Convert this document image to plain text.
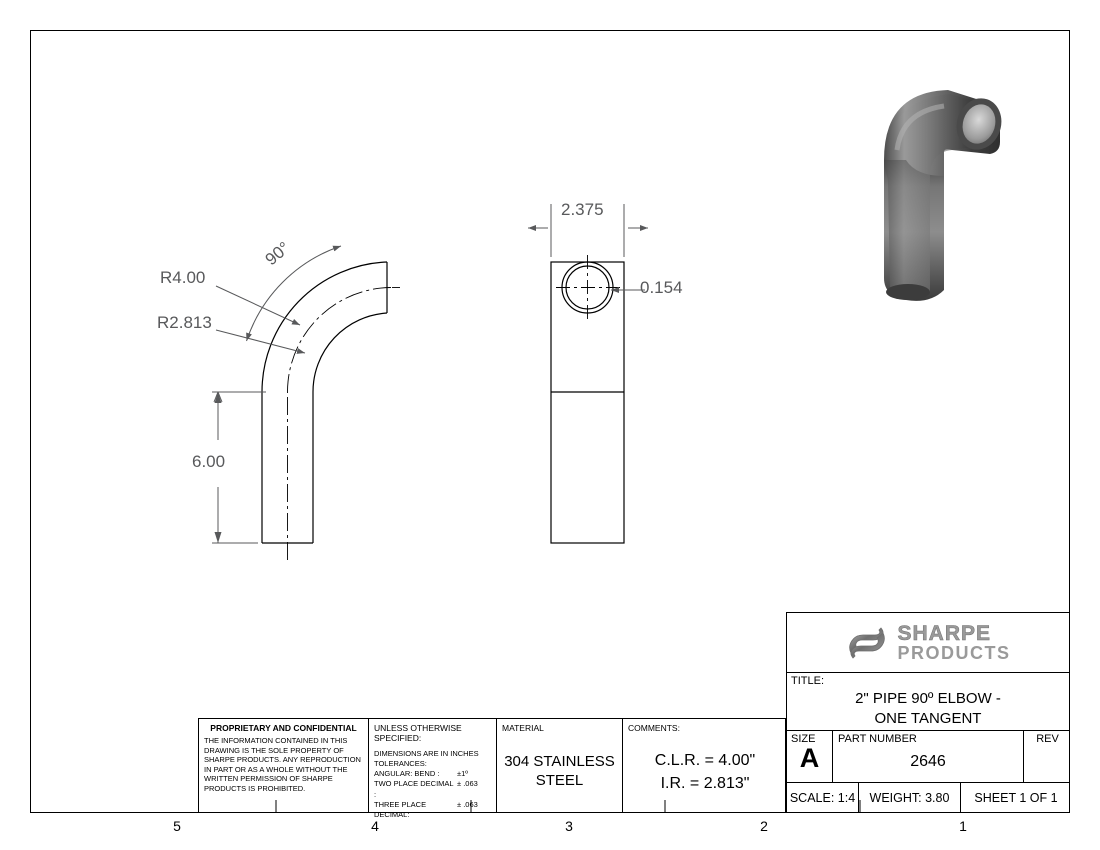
90°
R4.00
R2.813
6.00
2.375
0.154
PROPRIETARY AND CONFIDENTIAL
THE INFORMATION CONTAINED IN THIS DRAWING IS THE SOLE PROPERTY OF SHARPE PRODUCTS. ANY REPRODUCTION IN PART OR AS A WHOLE WITHOUT THE WRITTEN PERMISSION OF SHARPE PRODUCTS IS PROHIBITED.
UNLESS OTHERWISE SPECIFIED:
DIMENSIONS ARE IN INCHES
TOLERANCES:
ANGULAR: BEND :	±1º
TWO PLACE DECIMAL :
± .063
THREE PLACE DECIMAL:
± .063
MATERIAL
304 STAINLESS
STEEL
COMMENTS:
C.L.R. = 4.00"
I.R. = 2.813"
SHARPE
PRODUCTS
TITLE:
2" PIPE 90º ELBOW -
ONE TANGENT
SIZE
A
PART NUMBER
2646
REV
SCALE: 1:4	WEIGHT: 3.80	SHEET 1 OF 1
5	4	3	2	1
